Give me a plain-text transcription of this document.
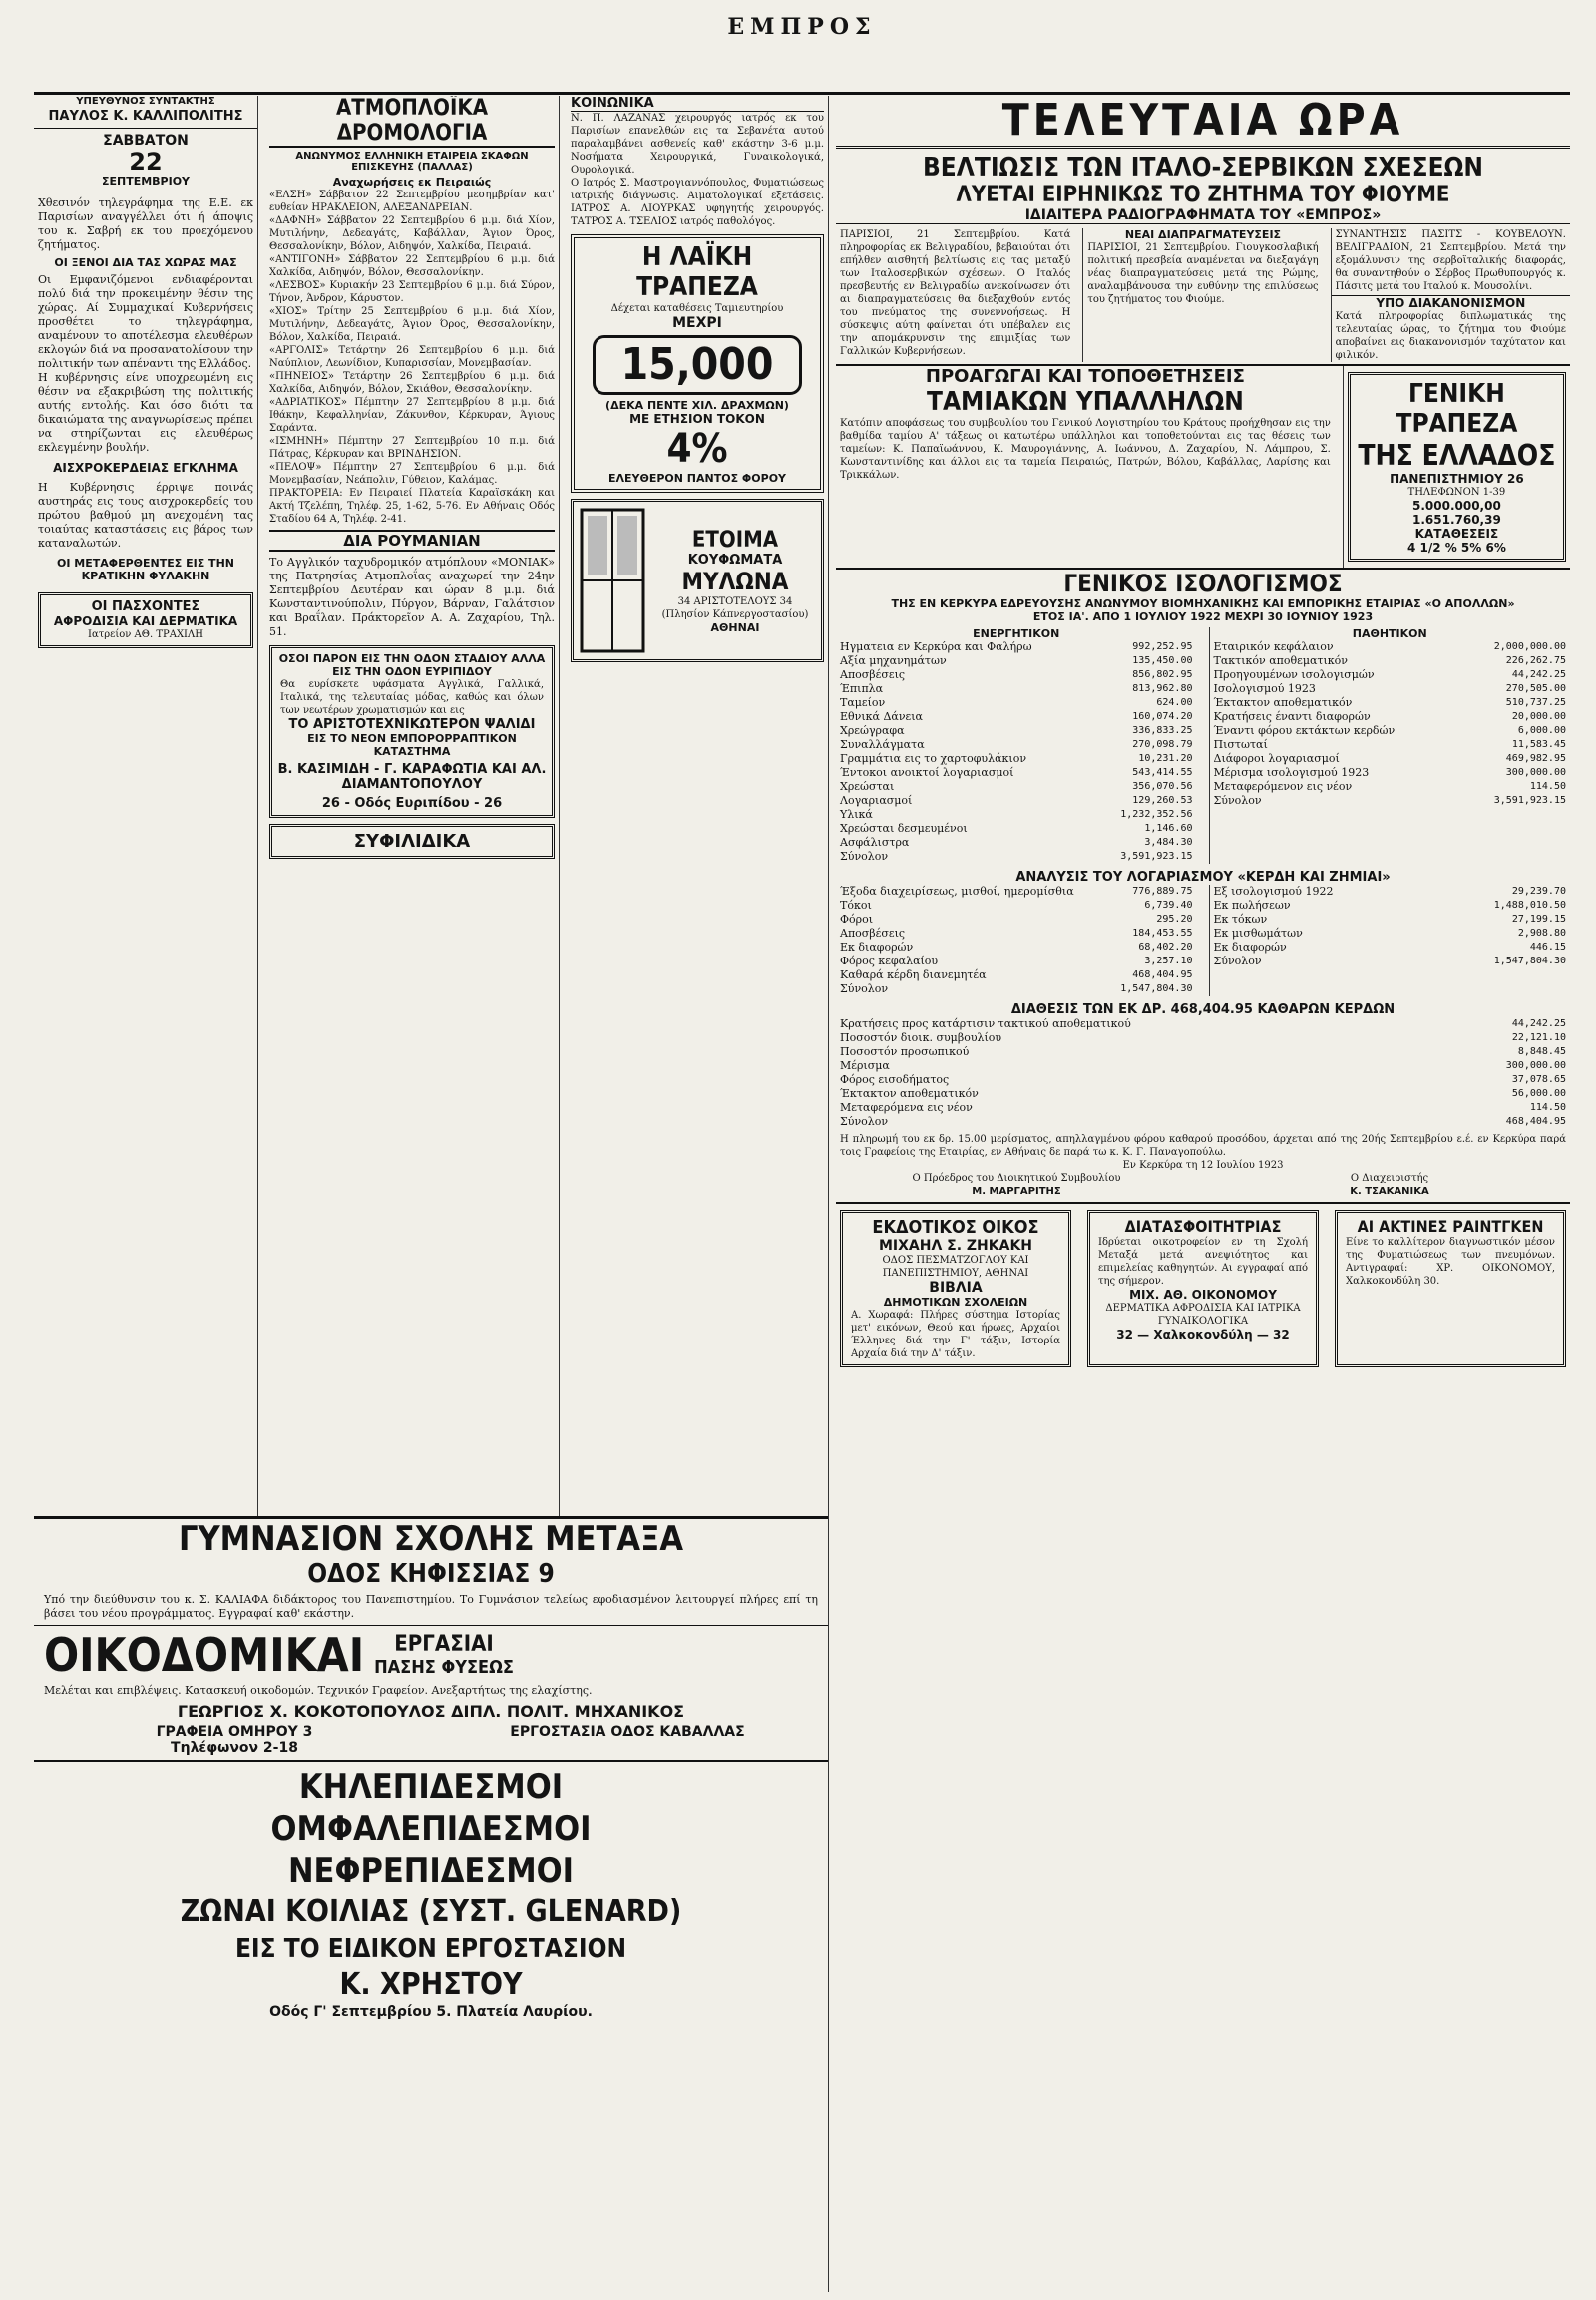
ΕΜΠΡΟΣ
ΥΠΕΥΘΥΝΟΣ ΣΥΝΤΑΚΤΗΣ
ΠΑΥΛΟΣ Κ. ΚΑΛΛΙΠΟΛΙΤΗΣ
ΣΑΒΒΑΤΟΝ
22
ΣΕΠΤΕΜΒΡΙΟΥ

Χθεσινόν τηλεγράφημα της Ε.Ε. εκ Παρισίων αναγγέλλει ότι ή άποψις του κ. Σαβρή εκ του προεχόμενου ζητήματος.

ΟΙ ΞΕΝΟΙ ΔΙΑ ΤΑΣ ΧΩΡΑΣ ΜΑΣ

Οι Εμφανιζόμενοι ενδιαφέρονται πολύ διά την προκειμένην θέσιν της χώρας. Αί Συμμαχικαί Κυβερνήσεις προσθέτει το τηλεγράφημα, αναμένουν το αποτέλεσμα ελευθέρων εκλογών διά να προσανατολίσουν την πολιτικήν των απέναντι της Ελλάδος.

Η κυβέρνησις είνε υποχρεωμένη εις θέσιν να εξακριβώση της πολιτικής αυτής εντολής. Και όσο διότι τα δικαιώματα της αναγνωρίσεως πρέπει να στηρίζωνται εις ελευθέρως εκλεγμένην βουλήν.

ΑΙΣΧΡΟΚΕΡΔΕΙΑΣ ΕΓΚΛΗΜΑ

Η Κυβέρνησις έρριψε ποινάς αυστηράς εις τους αισχροκερδείς του πρώτου βαθμού μη ανεχομένη τας τοιαύτας καταστάσεις εις βάρος των καταναλωτών.

ΟΙ ΜΕΤΑΦΕΡΘΕΝΤΕΣ ΕΙΣ ΤΗΝ ΚΡΑΤΙΚΗΝ ΦΥΛΑΚΗΝ
ΟΙ ΠΑΣΧΟΝΤΕΣ
ΑΦΡΟΔΙΣΙΑ ΚΑΙ ΔΕΡΜΑΤΙΚΑ
Ιατρείον ΑΘ. ΤΡΑΧΙΛΗ
ΑΤΜΟΠΛΟΪΚΑ ΔΡΟΜΟΛΟΓΙΑ
ΑΝΩΝΥΜΟΣ ΕΛΛΗΝΙΚΗ ΕΤΑΙΡΕΙΑ ΣΚΑΦΩΝ ΕΠΙΣΚΕΥΗΣ (ΠΑΛΛΑΣ)
Αναχωρήσεις εκ Πειραιώς

«ΕΛΣΗ» Σάββατον 22 Σεπτεμβρίου μεσημβρίαν κατ' ευθείαν ΗΡΑΚΛΕΙΟΝ, ΑΛΕΞΑΝΔΡΕΙΑΝ.

«ΔΑΦΝΗ» Σάββατον 22 Σεπτεμβρίου 6 μ.μ. διά Χίον, Μυτιλήνην, Δεδεαγάτς, Καβάλλαν, Άγιον Όρος, Θεσσαλονίκην, Βόλον, Αιδηψόν, Χαλκίδα, Πειραιά.

«ΑΝΤΙΓΟΝΗ» Σάββατον 22 Σεπτεμβρίου 6 μ.μ. διά Χαλκίδα, Αιδηψόν, Βόλον, Θεσσαλονίκην.

«ΛΕΣΒΟΣ» Κυριακήν 23 Σεπτεμβρίου 6 μ.μ. διά Σύρον, Τήνον, Άνδρον, Κάρυστον.

«ΧΙΟΣ» Τρίτην 25 Σεπτεμβρίου 6 μ.μ. διά Χίον, Μυτιλήνην, Δεδεαγάτς, Άγιον Όρος, Θεσσαλονίκην, Βόλον, Χαλκίδα, Πειραιά.

«ΑΡΓΟΛΙΣ» Τετάρτην 26 Σεπτεμβρίου 6 μ.μ. διά Ναύπλιον, Λεωνίδιον, Κυπαρισσίαν, Μονεμβασίαν.

«ΠΗΝΕΙΟΣ» Τετάρτην 26 Σεπτεμβρίου 6 μ.μ. διά Χαλκίδα, Αιδηψόν, Βόλον, Σκιάθον, Θεσσαλονίκην.

«ΑΔΡΙΑΤΙΚΟΣ» Πέμπτην 27 Σεπτεμβρίου 8 μ.μ. διά Ιθάκην, Κεφαλληνίαν, Ζάκυνθον, Κέρκυραν, Άγιους Σαράντα.

«ΙΣΜΗΝΗ» Πέμπτην 27 Σεπτεμβρίου 10 π.μ. διά Πάτρας, Κέρκυραν και ΒΡΙΝΔΗΣΙΟΝ.

«ΠΕΛΟΨ» Πέμπτην 27 Σεπτεμβρίου 6 μ.μ. διά Μονεμβασίαν, Νεάπολιν, Γύθειον, Καλάμας.

ΠΡΑΚΤΟΡΕΙΑ: Εν Πειραιεί Πλατεία Καραϊσκάκη και Ακτή Τζελέπη, Τηλέφ. 25, 1-62, 5-76. Εν Αθήναις Οδός Σταδίου 64 Α, Τηλέφ. 2-41.

ΔΙΑ ΡΟΥΜΑΝΙΑΝ

Το Αγγλικόν ταχυδρομικόν ατμόπλουν «ΜΟΝΙΑΚ» της Πατρησίας Ατμοπλοΐας αναχωρεί την 24ην Σεπτεμβρίου Δευτέραν και ώραν 8 μ.μ. διά Κωνσταντινούπολιν, Πύργον, Βάρναν, Γαλάτσιον και Βραΐλαν. Πράκτορεῖον Α. Α. Ζαχαρίου, Τηλ. 51.

ΟΣΟΙ ΠΑΡΟΝ ΕΙΣ ΤΗΝ ΟΔΟΝ ΣΤΑΔΙΟΥ ΑΛΛΑ ΕΙΣ ΤΗΝ ΟΔΟΝ ΕΥΡΙΠΙΔΟΥ

Θα ευρίσκετε υφάσματα Αγγλικά, Γαλλικά, Ιταλικά, της τελευταίας μόδας, καθώς και όλων των νεωτέρων χρωματισμών και εις

ΤΟ ΑΡΙΣΤΟΤΕΧΝΙΚΩΤΕΡΟΝ ΨΑΛΙΔΙ
ΕΙΣ ΤΟ ΝΕΟΝ ΕΜΠΟΡΟΡΡΑΠΤΙΚΟΝ ΚΑΤΑΣΤΗΜΑ
Β. ΚΑΣΙΜΙΔΗ - Γ. ΚΑΡΑΦΩΤΙΑ ΚΑΙ ΑΛ. ΔΙΑΜΑΝΤΟΠΟΥΛΟΥ
26 - Οδός Ευριπίδου - 26
ΣΥΦΙΛΙΔΙΚΑ
ΚΟΙΝΩΝΙΚΑ

Ν. Π. ΛΑΖΑΝΑΣ χειρουργός ιατρός εκ του Παρισίων επανελθών εις τα Σεβανέτα αυτού παραλαμβάνει ασθενείς καθ' εκάστην 3-6 μ.μ. Νοσήματα Χειρουργικά, Γυναικολογικά, Ουρολογικά.

Ο Ιατρός Σ. Μαστρογιαννόπουλος, Φυματιώσεως ιατρικής διάγνωσις. Αιματολογικαί εξετάσεις. ΙΑΤΡΟΣ Α. ΛΙΟΥΡΚΑΣ υφηγητής χειρουργός. ΤΑΤΡΟΣ Α. ΤΣΕΛΙΟΣ ιατρός παθολόγος.

Η ΛΑΪΚΗ ΤΡΑΠΕΖΑ
Δέχεται καταθέσεις Ταμιευτηρίου
ΜΕΧΡΙ
15,000
(ΔΕΚΑ ΠΕΝΤΕ ΧΙΛ. ΔΡΑΧΜΩΝ)
ΜΕ ΕΤΗΣΙΟΝ ΤΟΚΟΝ
4%
ΕΛΕΥΘΕΡΟΝ ΠΑΝΤΟΣ ΦΟΡΟΥ
ΕΤΟΙΜΑ
ΚΟΥΦΩΜΑΤΑ
ΜΥΛΩΝΑ
34 ΑΡΙΣΤΟΤΕΛΟΥΣ 34
(Πλησίον Κάπνεργοστασίου)
ΑΘΗΝΑΙ
ΤΕΛΕΥΤΑΙΑ ΩΡΑ
ΒΕΛΤΙΩΣΙΣ ΤΩΝ ΙΤΑΛΟ-ΣΕΡΒΙΚΩΝ ΣΧΕΣΕΩΝ
ΛΥΕΤΑΙ ΕΙΡΗΝΙΚΩΣ ΤΟ ΖΗΤΗΜΑ ΤΟΥ ΦΙΟΥΜΕ
ΙΔΙΑΙΤΕΡΑ ΡΑΔΙΟΓΡΑΦΗΜΑΤΑ ΤΟΥ «ΕΜΠΡΟΣ»

ΠΑΡΙΣΙΟΙ, 21 Σεπτεμβρίου. Κατά πληροφορίας εκ Βελιγραδίου, βεβαιούται ότι επήλθεν αισθητή βελτίωσις εις τας μεταξύ των Ιταλοσερβικών σχέσεων. Ο Ιταλός πρεσβευτής εν Βελιγραδίω ανεκοίνωσεν ότι αι διαπραγματεύσεις θα διεξαχθούν εντός του πνεύματος της συνεννοήσεως. Η σύσκεψις αύτη φαίνεται ότι υπέβαλεν εις την απομάκρυνσιν της επιμιξίας των Γαλλικών Κυβερνήσεων.

ΝΕΑΙ ΔΙΑΠΡΑΓΜΑΤΕΥΣΕΙΣ

ΠΑΡΙΣΙΟΙ, 21 Σεπτεμβρίου. Γιουγκοσλαβική πολιτική πρεσβεία αναμένεται να διεξαγάγη νέας διαπραγματεύσεις μετά της Ρώμης, αναλαμβάνουσα την ευθύνην της επιλύσεως του ζητήματος του Φιούμε.

ΣΥΝΑΝΤΗΣΙΣ ΠΑΣΙΤΣ - ΚΟΥΒΕΛΟΥΝ. ΒΕΛΙΓΡΑΔΙΟΝ, 21 Σεπτεμβρίου. Μετά την εξομάλυνσιν της σερβοϊταλικής διαφοράς, θα συναντηθούν ο Σέρβος Πρωθυπουργός κ. Πάσιτς μετά του Ιταλού κ. Μουσολίνι.

ΥΠΟ ΔΙΑΚΑΝΟΝΙΣΜΟΝ

Κατά πληροφορίας διπλωματικάς της τελευταίας ώρας, το ζήτημα του Φιούμε αποβαίνει εις διακανονισμόν ταχύτατον και φιλικόν.

ΠΡΟΑΓΩΓΑΙ ΚΑΙ ΤΟΠΟΘΕΤΗΣΕΙΣ
ΤΑΜΙΑΚΩΝ ΥΠΑΛΛΗΛΩΝ

Κατόπιν αποφάσεως του συμβουλίου του Γενικού Λογιστηρίου του Κράτους προήχθησαν εις την βαθμίδα ταμίου Α' τάξεως οι κατωτέρω υπάλληλοι και τοποθετούνται εις τας θέσεις των ταμείων: Κ. Παπαϊωάννου, Κ. Μαυρογιάννης, Α. Ιωάννου, Δ. Ζαχαρίου, Ν. Λάμπρου, Σ. Κωνσταντινίδης και άλλοι εις τα ταμεία Πειραιώς, Πατρών, Βόλου, Καβάλλας, Λαρίσης και Τρικκάλων.

ΓΕΝΙΚΗ ΤΡΑΠΕΖΑ
ΤΗΣ ΕΛΛΑΔΟΣ
ΠΑΝΕΠΙΣΤΗΜΙΟΥ 26
ΤΗΛΕΦΩΝΟΝ 1-39
5.000.000,00
1.651.760,39
ΚΑΤΑΘΕΣΕΙΣ
4 1/2 % 5% 6%
ΓΕΝΙΚΟΣ ΙΣΟΛΟΓΙΣΜΟΣ
ΤΗΣ ΕΝ ΚΕΡΚΥΡΑ ΕΔΡΕΥΟΥΣΗΣ ΑΝΩΝΥΜΟΥ ΒΙΟΜΗΧΑΝΙΚΗΣ ΚΑΙ ΕΜΠΟΡΙΚΗΣ ΕΤΑΙΡΙΑΣ «Ο ΑΠΟΛΛΩΝ»
ΕΤΟΣ ΙΑ'. ΑΠΟ 1 ΙΟΥΛΙΟΥ 1922 ΜΕΧΡΙ 30 ΙΟΥΝΙΟΥ 1923
ΕΝΕΡΓΗΤΙΚΟΝ
Ηγματεια εν Κερκύρα και Φαλήρω	992,252.95
Αξία μηχανημάτων	135,450.00
Αποσβέσεις	856,802.95
Έπιπλα	813,962.80
Ταμείον	624.00
Εθνικά Δάνεια	160,074.20
Χρεώγραφα	336,833.25
Συναλλάγματα	270,098.79
Γραμμάτια εις το χαρτοφυλάκιον	10,231.20
Έντοκοι ανοικτοί λογαριασμοί	543,414.55
Χρεώσται	356,070.56
Λογαριασμοί	129,260.53
Υλικά	1,232,352.56
Χρεώσται δεσμευμένοι	1,146.60
Ασφάλιστρα	3,484.30
Σύνολον	3,591,923.15
ΠΑΘΗΤΙΚΟΝ
Εταιρικόν κεφάλαιον	2,000,000.00
Τακτικόν αποθεματικόν	226,262.75
Προηγουμένων ισολογισμών	44,242.25
Ισολογισμού 1923	270,505.00
Έκτακτον αποθεματικόν	510,737.25
Κρατήσεις έναντι διαφορών	20,000.00
Έναντι φόρου εκτάκτων κερδών	6,000.00
Πιστωταί	11,583.45
Διάφοροι λογαριασμοί	469,982.95
Μέρισμα ισολογισμού 1923	300,000.00
Μεταφερόμενον εις νέον	114.50
Σύνολον	3,591,923.15
ΑΝΑΛΥΣΙΣ ΤΟΥ ΛΟΓΑΡΙΑΣΜΟΥ «ΚΕΡΔΗ ΚΑΙ ΖΗΜΙΑΙ»
Έξοδα διαχειρίσεως, μισθοί, ημερομίσθια	776,889.75
Τόκοι	6,739.40
Φόροι	295.20
Αποσβέσεις	184,453.55
Εκ διαφορών	68,402.20
Φόρος κεφαλαίου	3,257.10
Καθαρά κέρδη διανεμητέα	468,404.95
Σύνολον	1,547,804.30
Εξ ισολογισμού 1922	29,239.70
Εκ πωλήσεων	1,488,010.50
Εκ τόκων	27,199.15
Εκ μισθωμάτων	2,908.80
Εκ διαφορών	446.15
Σύνολον	1,547,804.30
ΔΙΑΘΕΣΙΣ ΤΩΝ ΕΚ ΔΡ. 468,404.95 ΚΑΘΑΡΩΝ ΚΕΡΔΩΝ
Κρατήσεις προς κατάρτισιν τακτικού αποθεματικού	44,242.25
Ποσοστόν διοικ. συμβουλίου	22,121.10
Ποσοστόν προσωπικού	8,848.45
Μέρισμα	300,000.00
Φόρος εισοδήματος	37,078.65
Έκτακτον αποθεματικόν	56,000.00
Μεταφερόμενα εις νέον	114.50
Σύνολον	468,404.95

Η πληρωμή του εκ δρ. 15.00 μερίσματος, απηλλαγμένου φόρου καθαρού προσόδου, άρχεται από της 20ής Σεπτεμβρίου ε.έ. εν Κερκύρα παρά τοις Γραφείοις της Εταιρίας, εν Αθήναις δε παρά τω κ. Κ. Γ. Παναγοπούλω.

Εν Κερκύρα τη 12 Ιουλίου 1923
Ο Πρόεδρος του Διοικητικού Συμβουλίου
Μ. ΜΑΡΓΑΡΙΤΗΣ
Ο Διαχειριστής
Κ. ΤΣΑΚΑΝΙΚΑ
ΕΚΔΟΤΙΚΟΣ ΟΙΚΟΣ
ΜΙΧΑΗΛ Σ. ΖΗΚΑΚΗ
ΟΔΟΣ ΠΕΣΜΑΤΖΟΓΛΟΥ ΚΑΙ ΠΑΝΕΠΙΣΤΗΜΙΟΥ, ΑΘΗΝΑΙ
ΒΙΒΛΙΑ
ΔΗΜΟΤΙΚΩΝ ΣΧΟΛΕΙΩΝ

Α. Χωραφά: Πλήρες σύστημα Ιστορίας μετ' εικόνων, Θεού και ήρωες, Αρχαίοι Έλληνες διά την Γ' τάξιν, Ιστορία Αρχαία διά την Δ' τάξιν.

ΔΙΑΤΑΣΦΟΙΤΗΤΡΙΑΣ

Ιδρύεται οικοτροφείον εν τη Σχολή Μεταξά μετά ανεψιότητος και επιμελείας καθηγητών. Αι εγγραφαί από της σήμερον.

ΜΙΧ. ΑΘ. ΟΙΚΟΝΟΜΟΥ
ΔΕΡΜΑΤΙΚΑ ΑΦΡΟΔΙΣΙΑ ΚΑΙ ΙΑΤΡΙΚΑ ΓΥΝΑΙΚΟΛΟΓΙΚΑ
32 — Χαλκοκονδύλη — 32
ΑΙ ΑΚΤΙΝΕΣ ΡΑΙΝΤΓΚΕΝ

Είνε το καλλίτερον διαγνωστικόν μέσον της Φυματιώσεως των πνευμόνων. Αντιγραφαί: ΧΡ. ΟΙΚΟΝΟΜΟΥ, Χαλκοκονδύλη 30.

ΓΥΜΝΑΣΙΟΝ ΣΧΟΛΗΣ ΜΕΤΑΞΑ
ΟΔΟΣ ΚΗΦΙΣΣΙΑΣ 9

Υπό την διεύθυνσιν του κ. Σ. ΚΑΛΙΑΦΑ διδάκτορος του Πανεπιστημίου. Το Γυμνάσιον τελείως εφοδιασμένον λειτουργεί πλήρες επί τη βάσει του νέου προγράμματος. Εγγραφαί καθ' εκάστην.

ΟΙΚΟΔΟΜΙΚΑΙ	ΕΡΓΑΣΙΑΙ
ΠΑΣΗΣ ΦΥΣΕΩΣ

Μελέται και επιβλέψεις. Κατασκευή οικοδομών. Τεχνικόν Γραφείον. Ανεξαρτήτως της ελαχίστης.

ΓΕΩΡΓΙΟΣ Χ. ΚΟΚΟΤΟΠΟΥΛΟΣ ΔΙΠΛ. ΠΟΛΙΤ. ΜΗΧΑΝΙΚΟΣ
ΓΡΑΦΕΙΑ ΟΜΗΡΟΥ 3
Τηλέφωνον 2-18
ΕΡΓΟΣΤΑΣΙΑ ΟΔΟΣ ΚΑΒΑΛΛΑΣ
ΚΗΛΕΠΙΔΕΣΜΟΙ
ΟΜΦΑΛΕΠΙΔΕΣΜΟΙ
ΝΕΦΡΕΠΙΔΕΣΜΟΙ
ΖΩΝΑΙ ΚΟΙΛΙΑΣ (ΣΥΣΤ. GLENARD)
ΕΙΣ ΤΟ ΕΙΔΙΚΟΝ ΕΡΓΟΣΤΑΣΙΟΝ
Κ. ΧΡΗΣΤΟΥ
Οδός Γ' Σεπτεμβρίου 5. Πλατεία Λαυρίου.
